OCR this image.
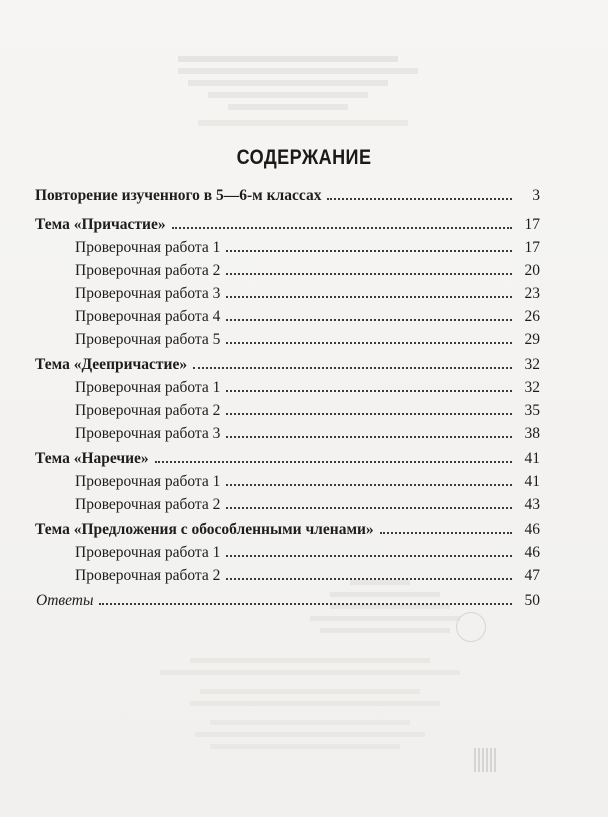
СОДЕРЖАНИЕ
Повторение изученного в 5—6-м классах	3
Тема «Причастие»	17
Проверочная работа 1	17
Проверочная работа 2	20
Проверочная работа 3	23
Проверочная работа 4	26
Проверочная работа 5	29
Тема «Деепричастие»	32
Проверочная работа 1	32
Проверочная работа 2	35
Проверочная работа 3	38
Тема «Наречие»	41
Проверочная работа 1	41
Проверочная работа 2	43
Тема «Предложения с обособленными членами»	46
Проверочная работа 1	46
Проверочная работа 2	47
Ответы	50
